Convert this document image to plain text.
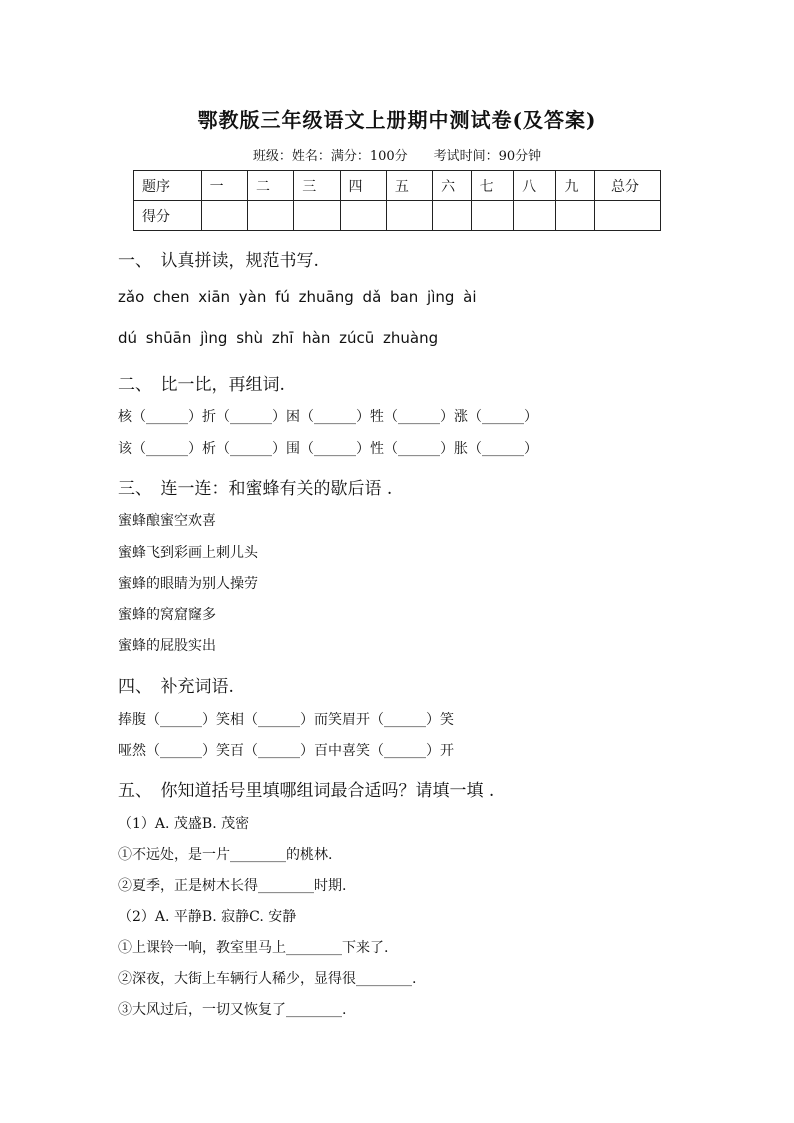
鄂教版三年级语文上册期中测试卷(及答案)
班级：姓名：满分：100分　　考试时间：90分钟
题序	一	二	三	四	五	六	七	八	九	总分
得分										
一、　认真拼读，规范书写.
zǎo chen xiān yàn fú zhuāng dǎ ban jìng ài
dú shūān jìng shù zhī hàn zúcū zhuàng
二、　比一比，再组词.
核（______）折（______）困（______）牲（______）涨（______）
该（______）析（______）围（______）性（______）胀（______）
三、　连一连：和蜜蜂有关的歇后语 .
蜜蜂酿蜜空欢喜
蜜蜂飞到彩画上刺儿头
蜜蜂的眼睛为别人操劳
蜜蜂的窝窟窿多
蜜蜂的屁股实出
四、　补充词语.
捧腹（______）笑相（______）而笑眉开（______）笑
哑然（______）笑百（______）百中喜笑（______）开
五、　你知道括号里填哪组词最合适吗？请填一填 .
（1）A. 茂盛B. 茂密
①不远处，是一片________的桃林.
②夏季，正是树木长得________时期.
（2）A. 平静B. 寂静C. 安静
①上课铃一响，教室里马上________下来了.
②深夜，大街上车辆行人稀少，显得很________.
③大风过后，一切又恢复了________.
